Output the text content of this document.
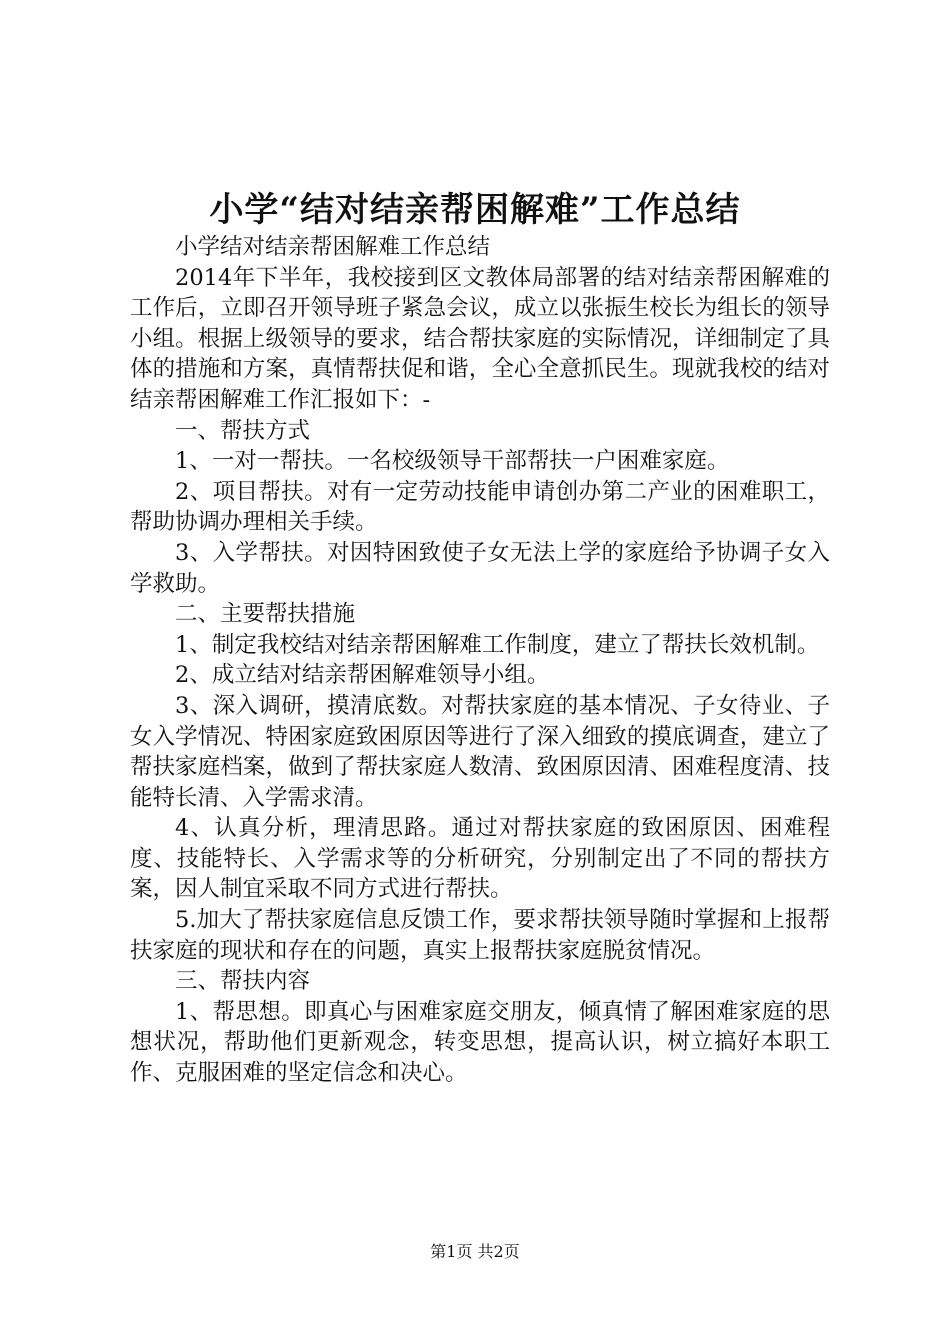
小学“结对结亲帮困解难”工作总结

小学结对结亲帮困解难工作总结

2014年下半年，我校接到区文教体局部署的结对结亲帮困解难的工作后，立即召开领导班子紧急会议，成立以张振生校长为组长的领导小组。根据上级领导的要求，结合帮扶家庭的实际情况，详细制定了具体的措施和方案，真情帮扶促和谐，全心全意抓民生。现就我校的结对结亲帮困解难工作汇报如下：-

一、帮扶方式

1、一对一帮扶。一名校级领导干部帮扶一户困难家庭。

2、项目帮扶。对有一定劳动技能申请创办第二产业的困难职工，帮助协调办理相关手续。

3、入学帮扶。对因特困致使子女无法上学的家庭给予协调子女入学救助。

二、主要帮扶措施

1、制定我校结对结亲帮困解难工作制度，建立了帮扶长效机制。

2、成立结对结亲帮困解难领导小组。

3、深入调研，摸清底数。对帮扶家庭的基本情况、子女待业、子女入学情况、特困家庭致困原因等进行了深入细致的摸底调查，建立了帮扶家庭档案，做到了帮扶家庭人数清、致困原因清、困难程度清、技能特长清、入学需求清。

4、认真分析，理清思路。通过对帮扶家庭的致困原因、困难程度、技能特长、入学需求等的分析研究，分别制定出了不同的帮扶方案，因人制宜采取不同方式进行帮扶。

5.加大了帮扶家庭信息反馈工作，要求帮扶领导随时掌握和上报帮扶家庭的现状和存在的问题，真实上报帮扶家庭脱贫情况。

三、帮扶内容

1、帮思想。即真心与困难家庭交朋友，倾真情了解困难家庭的思想状况，帮助他们更新观念，转变思想，提高认识，树立搞好本职工作、克服困难的坚定信念和决心。

第1页 共2页
